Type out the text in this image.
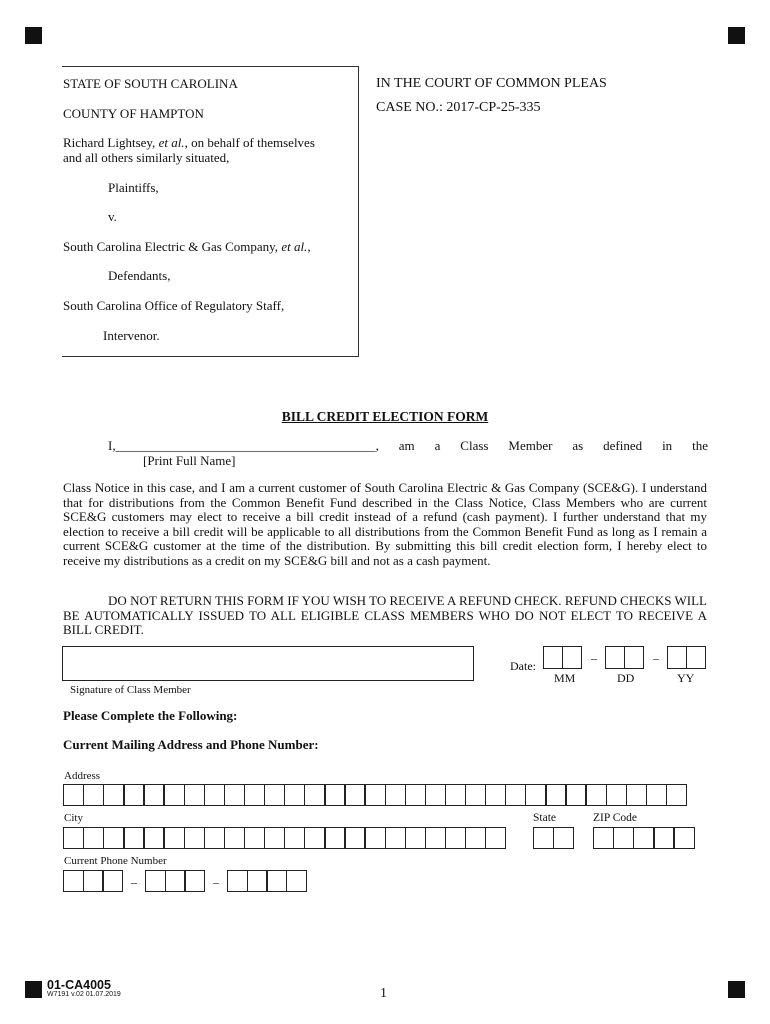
STATE OF SOUTH CAROLINA
COUNTY OF HAMPTON
Richard Lightsey, et al., on behalf of themselves
and all others similarly situated,
Plaintiffs,
v.
South Carolina Electric & Gas Company, et al.,
Defendants,
South Carolina Office of Regulatory Staff,
Intervenor.
IN THE COURT OF COMMON PLEAS
CASE NO.: 2017-CP-25-335
BILL CREDIT ELECTION FORM
I, ________________________________________ , am a Class Member as defined in the
[Print Full Name]
Class Notice in this case, and I am a current customer of South Carolina Electric & Gas Company (SCE&G). I understand that for distributions from the Common Benefit Fund described in the Class Notice, Class Members who are current SCE&G customers may elect to receive a bill credit instead of a refund (cash payment). I further understand that my election to receive a bill credit will be applicable to all distributions from the Common Benefit Fund as long as I remain a current SCE&G customer at the time of the distribution. By submitting this bill credit election form, I hereby elect to receive my distributions as a credit on my SCE&G bill and not as a cash payment.
DO NOT RETURN THIS FORM IF YOU WISH TO RECEIVE A REFUND CHECK. REFUND CHECKS WILL BE AUTOMATICALLY ISSUED TO ALL ELIGIBLE CLASS MEMBERS WHO DO NOT ELECT TO RECEIVE A BILL CREDIT.
Signature of Class Member
Date:
–	–
MM	DD	YY
Please Complete the Following:
Current Mailing Address and Phone Number:
Address
City	State	ZIP Code
Current Phone Number
–	–
01-CA4005
W7191 v.02 01.07.2019	1
